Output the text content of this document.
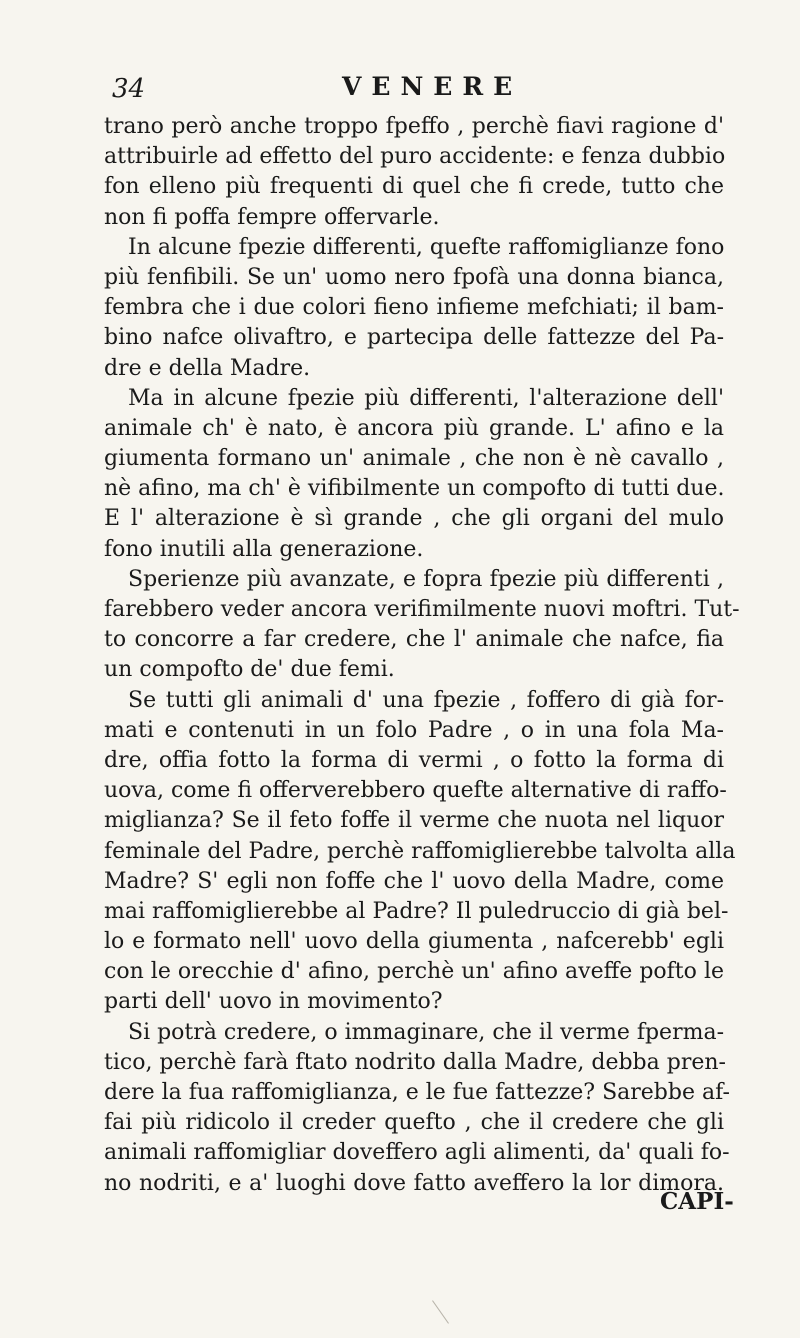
34	VENERE
trano però anche troppo fpeffo , perchè fiavi ragione d'
attribuirle ad effetto del puro accidente: e fenza dubbio
fon elleno più frequenti di quel che fi crede, tutto che
non fi poffa fempre offervarle.
In alcune fpezie differenti, quefte raffomiglianze fono
più fenfibili. Se un' uomo nero fpofà una donna bianca,
fembra che i due colori fieno infieme mefchiati; il bam-
bino nafce olivaftro, e partecipa delle fattezze del Pa-
dre e della Madre.
Ma in alcune fpezie più differenti, l'alterazione dell'
animale ch' è nato, è ancora più grande. L' afino e la
giumenta formano un' animale , che non è nè cavallo ,
nè afino, ma ch' è vifibilmente un compofto di tutti due.
E l' alterazione è sì grande , che gli organi del mulo
fono inutili alla generazione.
Sperienze più avanzate, e fopra fpezie più differenti ,
farebbero veder ancora verifimilmente nuovi moftri. Tut-
to concorre a far credere, che l' animale che nafce, fia
un compofto de' due femi.
Se tutti gli animali d' una fpezie , foffero di già for-
mati e contenuti in un folo Padre , o in una fola Ma-
dre, offia fotto la forma di vermi , o fotto la forma di
uova, come fi offerverebbero quefte alternative di raffo-
miglianza? Se il feto foffe il verme che nuota nel liquor
feminale del Padre, perchè raffomiglierebbe talvolta alla
Madre? S' egli non foffe che l' uovo della Madre, come
mai raffomiglierebbe al Padre? Il puledruccio di già bel-
lo e formato nell' uovo della giumenta , nafcerebb' egli
con le orecchie d' afino, perchè un' afino aveffe pofto le
parti dell' uovo in movimento?
Si potrà credere, o immaginare, che il verme fperma-
tico, perchè farà ftato nodrito dalla Madre, debba pren-
dere la fua raffomiglianza, e le fue fattezze? Sarebbe af-
fai più ridicolo il creder quefto , che il credere che gli
animali raffomigliar doveffero agli alimenti, da' quali fo-
no nodriti, e a' luoghi dove fatto aveffero la lor dimora.
CAPI-
